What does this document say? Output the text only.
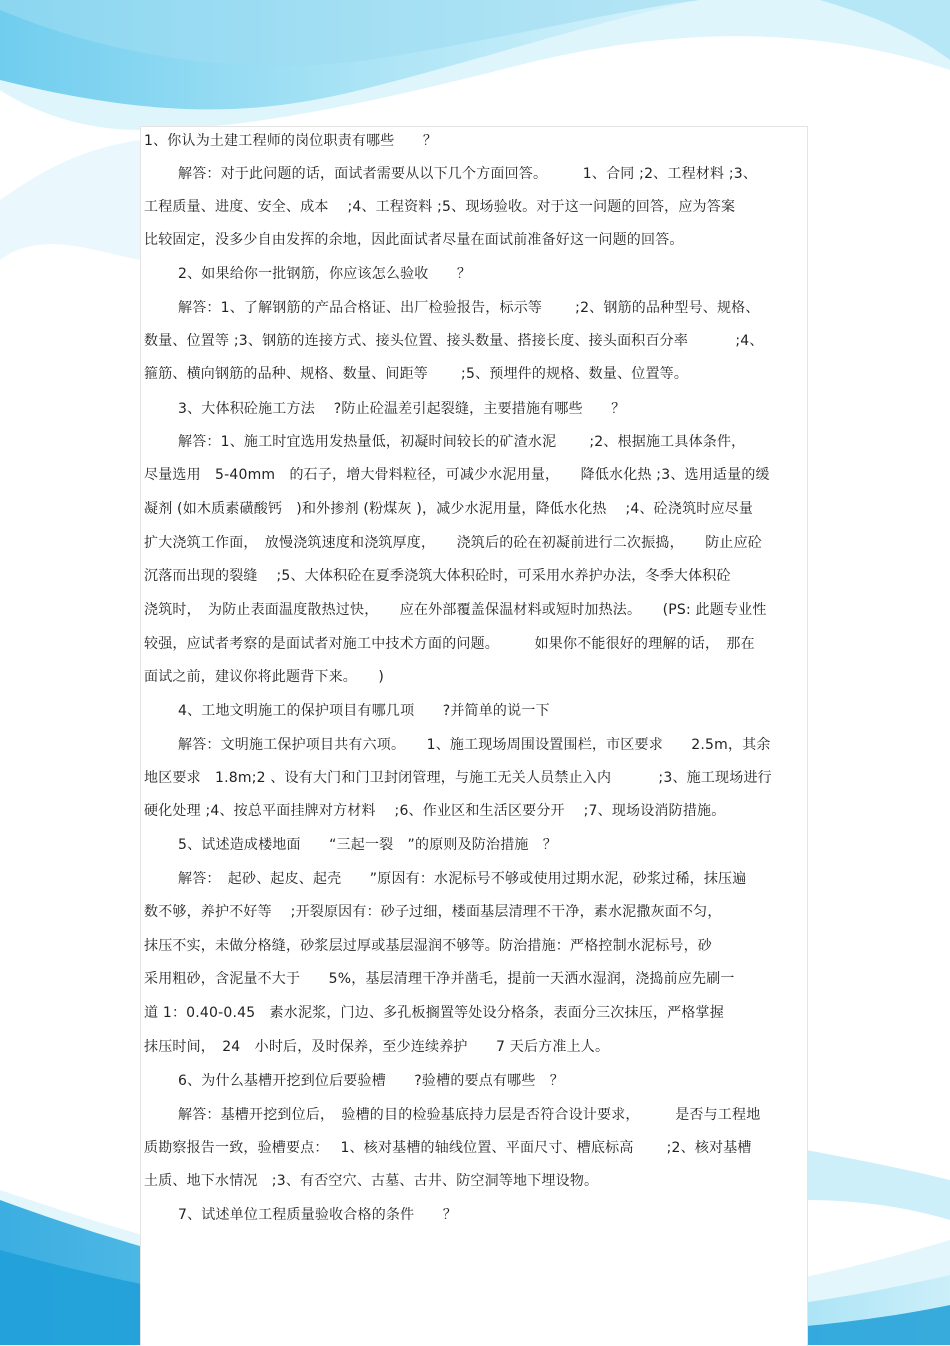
1、你认为土建工程师的岗位职责有哪些　　？
解答：对于此问题的话，面试者需要从以下几个方面回答。　　　1、合同 ;2、工程材料 ;3、
工程质量、进度、安全、成本　 ;4、工程资料 ;5、现场验收。对于这一问题的回答，应为答案
比较固定，没多少自由发挥的余地，因此面试者尽量在面试前准备好这一问题的回答。
2、如果给你一批钢筋，你应该怎么验收　　？
解答：1、了解钢筋的产品合格证、出厂检验报告，标示等　　 ;2、钢筋的品种型号、规格、
数量、位置等 ;3、钢筋的连接方式、接头位置、接头数量、搭接长度、接头面积百分率　　　 ;4、
箍筋、横向钢筋的品种、规格、数量、间距等　　 ;5、预埋件的规格、数量、位置等。
3、大体积砼施工方法　 ?防止砼温差引起裂缝，主要措施有哪些　　？
解答：1、施工时宜选用发热量低，初凝时间较长的矿渣水泥　　 ;2、根据施工具体条件，
尽量选用　5-40mm　的石子，增大骨料粒径，可减少水泥用量，　　降低水化热 ;3、选用适量的缓
凝剂 (如木质素磺酸钙　)和外掺剂 (粉煤灰 )，减少水泥用量，降低水化热　 ;4、砼浇筑时应尽量
扩大浇筑工作面，　放慢浇筑速度和浇筑厚度，　　浇筑后的砼在初凝前进行二次振捣，　　防止应砼
沉落而出现的裂缝　 ;5、大体积砼在夏季浇筑大体积砼时，可采用水养护办法，冬季大体积砼
浇筑时，　为防止表面温度散热过快，　　应在外部覆盖保温材料或短时加热法。　　(PS: 此题专业性
较强，应试者考察的是面试者对施工中技术方面的问题。　　　如果你不能很好的理解的话，　那在
面试之前，建议你将此题背下来。　　)
4、工地文明施工的保护项目有哪几项　　?并简单的说一下
解答：文明施工保护项目共有六项。　　1、施工现场周围设置围栏，市区要求　　2.5m，其余
地区要求　1.8m;2 、设有大门和门卫封闭管理，与施工无关人员禁止入内　　　 ;3、施工现场进行
硬化处理 ;4、按总平面挂牌对方材料　 ;6、作业区和生活区要分开　 ;7、现场设消防措施。
5、试述造成楼地面　　“三起一裂　”的原则及防治措施　？
解答：　起砂、起皮、起壳　　”原因有：水泥标号不够或使用过期水泥，砂浆过稀，抹压遍
数不够，养护不好等　 ;开裂原因有：砂子过细，楼面基层清理不干净，素水泥撒灰面不匀，
抹压不实，未做分格缝，砂浆层过厚或基层湿润不够等。防治措施：严格控制水泥标号，砂
采用粗砂，含泥量不大于　　5%，基层清理干净并凿毛，提前一天洒水湿润，浇捣前应先刷一
道 1：0.40-0.45　素水泥浆，门边、多孔板搁置等处设分格条，表面分三次抹压，严格掌握
抹压时间，　24　小时后，及时保养，至少连续养护　　7 天后方准上人。
6、为什么基槽开挖到位后要验槽　　?验槽的要点有哪些　？
解答：基槽开挖到位后，　验槽的目的检验基底持力层是否符合设计要求，　　　是否与工程地
质勘察报告一致，验槽要点：　 1、核对基槽的轴线位置、平面尺寸、槽底标高　　 ;2、核对基槽
土质、地下水情况　;3、有否空穴、古墓、古井、防空洞等地下埋设物。
7、试述单位工程质量验收合格的条件　　？
